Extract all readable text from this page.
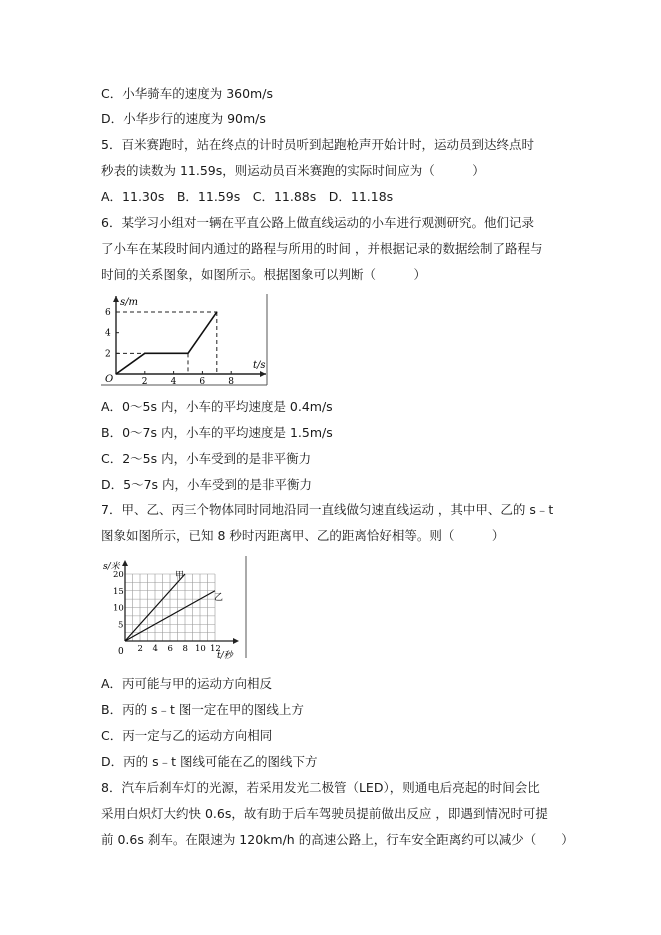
C．小华骑车的速度为 360m/s
D．小华步行的速度为 90m/s
5．百米赛跑时，站在终点的计时员听到起跑枪声开始计时，运动员到达终点时
秒表的读数为 11.59s，则运动员百米赛跑的实际时间应为（　　　）
A．11.30s　B．11.59s　C．11.88s　D．11.18s
6．某学习小组对一辆在平直公路上做直线运动的小车进行观测研究。他们记录
了小车在某段时间内通过的路程与所用的时间 ，并根据记录的数据绘制了路程与
时间的关系图象，如图所示。根据图象可以判断（　　　）
A．0～5s 内，小车的平均速度是 0.4m/s
B．0～7s 内，小车的平均速度是 1.5m/s
C．2～5s 内，小车受到的是非平衡力
D．5～7s 内，小车受到的是非平衡力
7．甲、乙、丙三个物体同时同地沿同一直线做匀速直线运动 ，其中甲、乙的 s﹣t
图象如图所示，已知 8 秒时丙距离甲、乙的距离恰好相等。则（　　　）
A．丙可能与甲的运动方向相反
B．丙的 s﹣t 图一定在甲的图线上方
C．丙一定与乙的运动方向相同
D．丙的 s﹣t 图线可能在乙的图线下方
8．汽车后刹车灯的光源，若采用发光二极管（LED），则通电后亮起的时间会比
采用白炽灯大约快 0.6s，故有助于后车驾驶员提前做出反应 ，即遇到情况时可提
前 0.6s 刹车。在限速为 120km/h 的高速公路上，行车安全距离约可以减少（　　）
s/m
t/s
O	2	4	6	8
2
4
6
s/米
t/秒
0 2 4 6 8 10 12
5
10
15
20	甲
乙
